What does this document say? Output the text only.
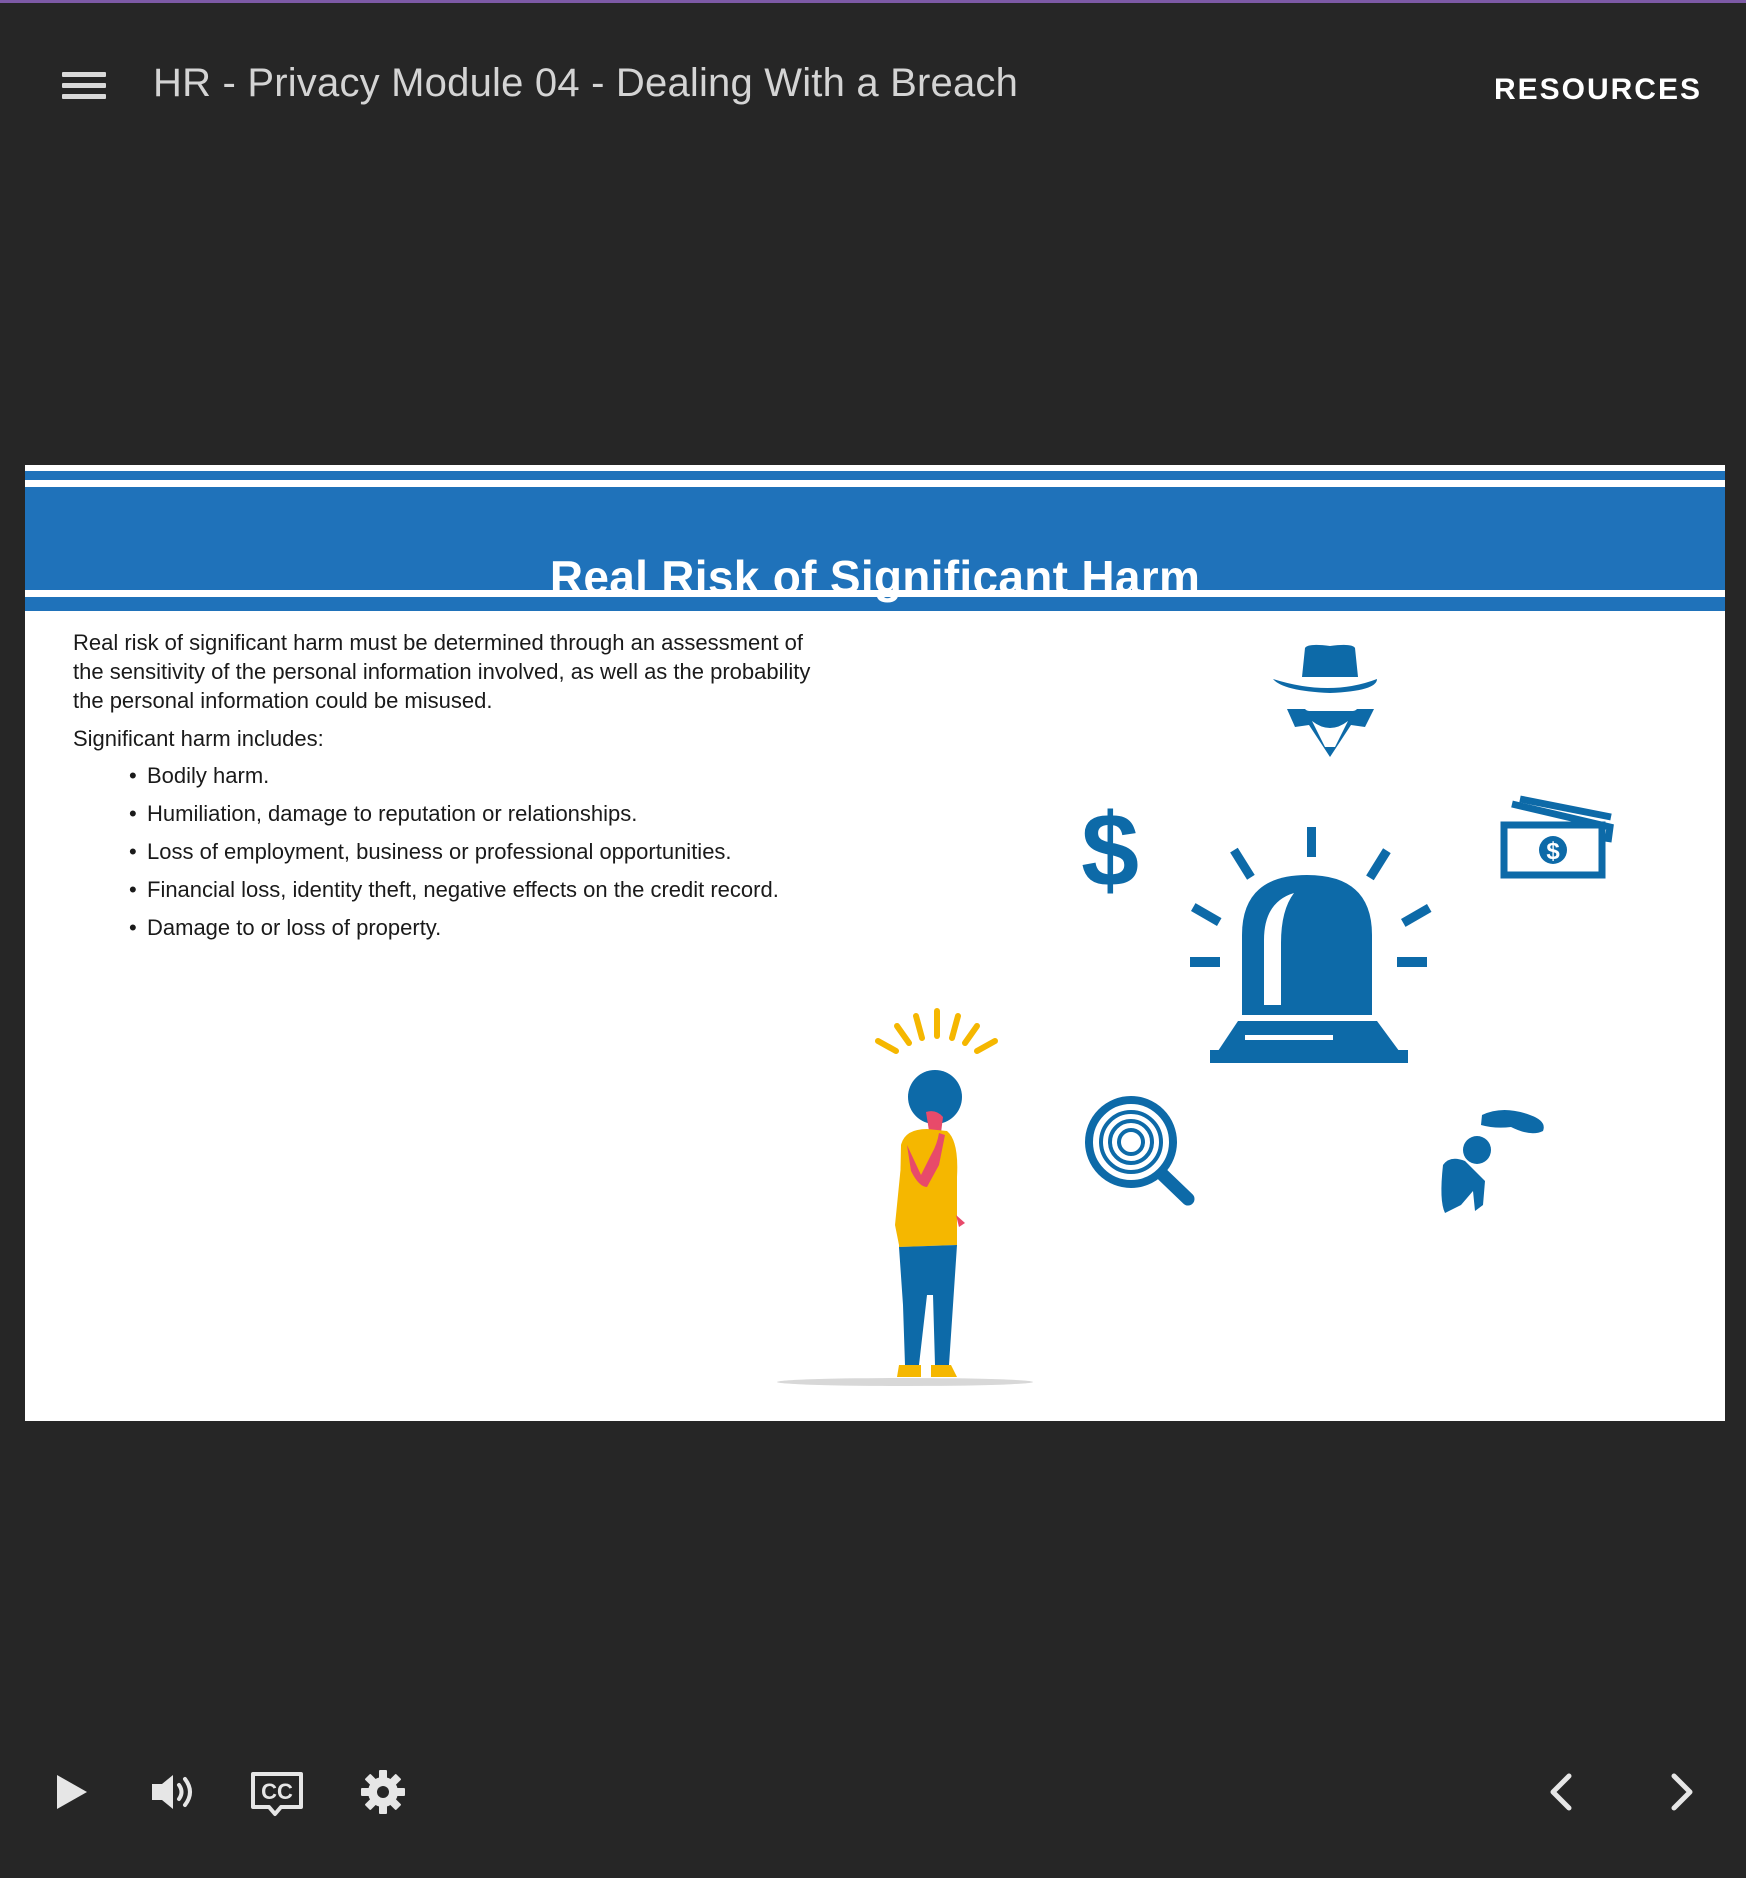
HR - Privacy Module 04 - Dealing With a Breach	RESOURCES
Real Risk of Significant Harm

Real risk of significant harm must be determined through an assessment of the sensitivity of the personal information involved, as well as the probability the personal information could be misused.

Significant harm includes:

• Bodily harm.
• Humiliation, damage to reputation or relationships.
• Loss of employment, business or professional opportunities.
• Financial loss, identity theft, negative effects on the credit record.
• Damage to or loss of property.
$	$
CC
